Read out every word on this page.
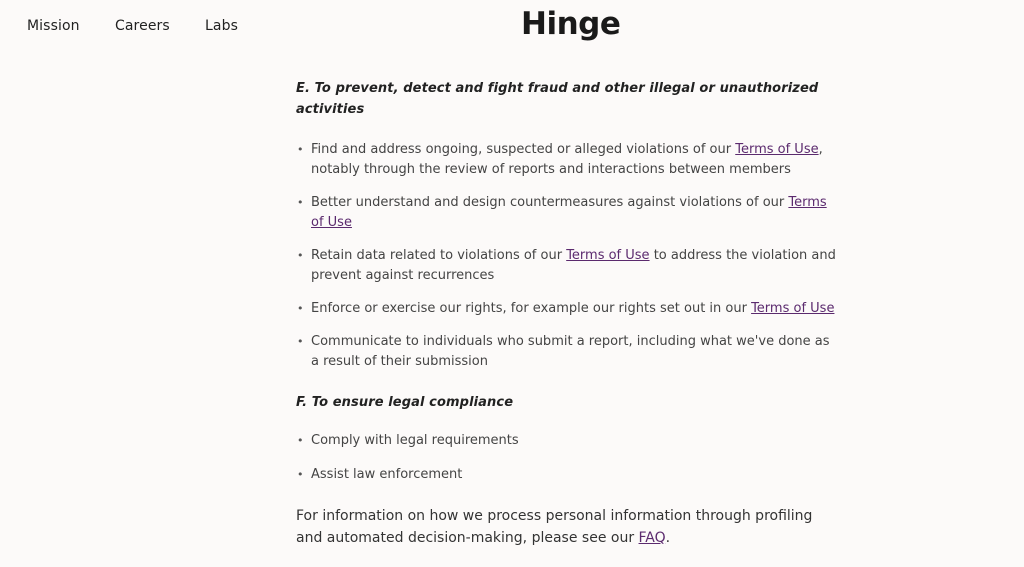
Mission	Careers	Labs	Hinge

E. To prevent, detect and fight fraud and other illegal or unauthorized activities

• Find and address ongoing, suspected or alleged violations of our Terms of Use, notably through the review of reports and interactions between members
• Better understand and design countermeasures against violations of our Terms of Use
• Retain data related to violations of our Terms of Use to address the violation and prevent against recurrences
• Enforce or exercise our rights, for example our rights set out in our Terms of Use
• Communicate to individuals who submit a report, including what we've done as a result of their submission

F. To ensure legal compliance

• Comply with legal requirements
• Assist law enforcement

For information on how we process personal information through profiling and automated decision-making, please see our FAQ.
